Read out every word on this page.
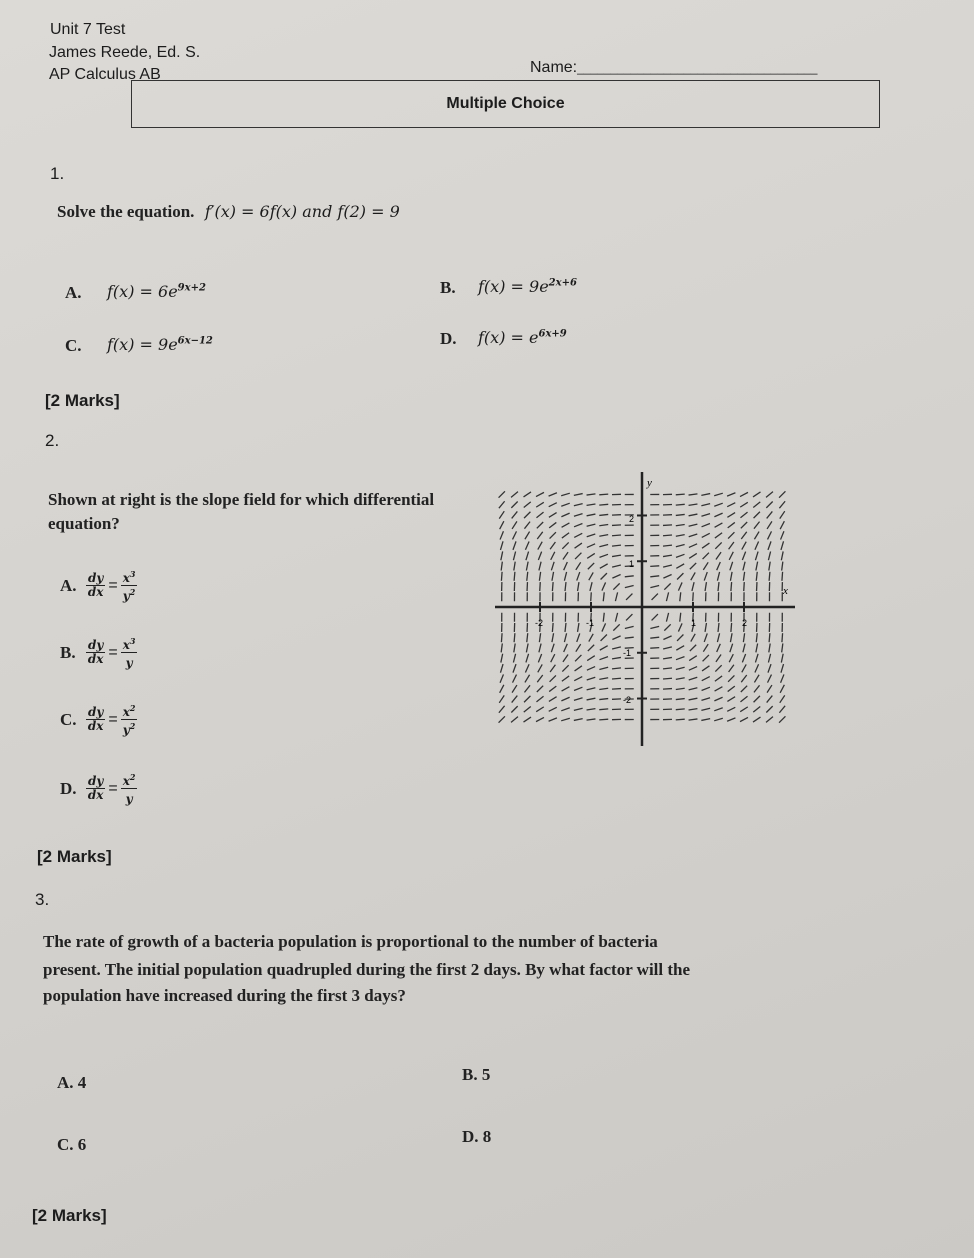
Unit 7 Test
James Reede, Ed. S.
AP Calculus AB	Name:____________________________________
Multiple Choice
1.
Solve the equation. f′(x) = 6f(x) and f(2) = 9
A. $f(x) = 6e^{9x+2}$	B. $f(x) = 9e^{2x+6}$
C. $f(x) = 9e^{6x-12}$	D. $f(x) = e^{6x+9}$
[2 Marks]
2.
Shown at right is the slope field for which differential
equation?
A. $\frac{dy}{dx} = \frac{x^3}{y^2}$
B. $\frac{dy}{dx} = \frac{x^3}{y}$
C. $\frac{dy}{dx} = \frac{x^2}{y^2}$
D. $\frac{dy}{dx} = \frac{x^2}{y}$
x
y
-2	-1	1	2
2
1
-1
-2
[2 Marks]
3.
The rate of growth of a bacteria population is proportional to the number of bacteria
present. The initial population quadrupled during the first 2 days. By what factor will the
population have increased during the first 3 days?
A. 4	B. 5
C. 6	D. 8
[2 Marks]
